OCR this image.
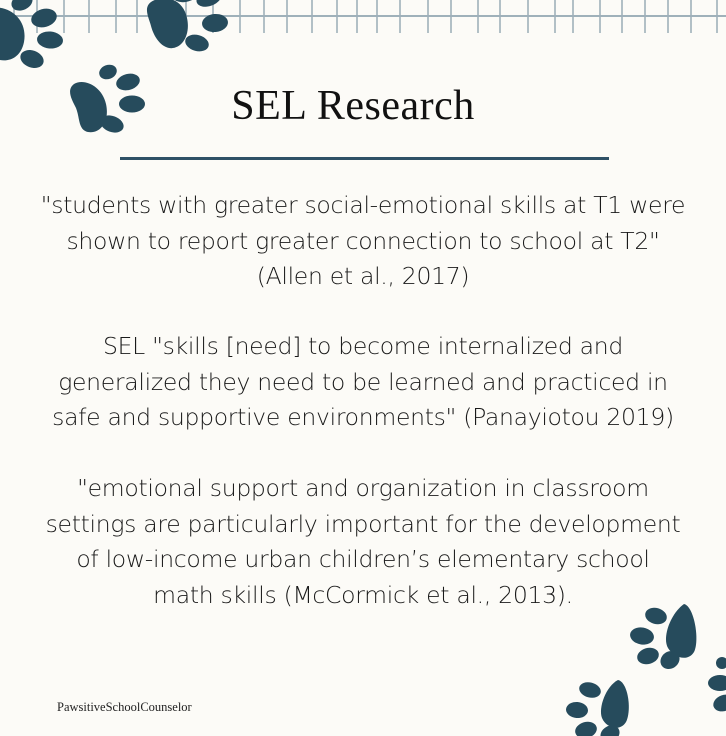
SEL Research
"students with greater social-emotional skills at T1 were
shown to report greater connection to school at T2"
(Allen et al., 2017)
SEL "skills [need] to become internalized and
generalized they need to be learned and practiced in
safe and supportive environments" (Panayiotou 2019)
"emotional support and organization in classroom
settings are particularly important for the development
of low-income urban children’s elementary school
math skills (McCormick et al., 2013).
PawsitiveSchoolCounselor
